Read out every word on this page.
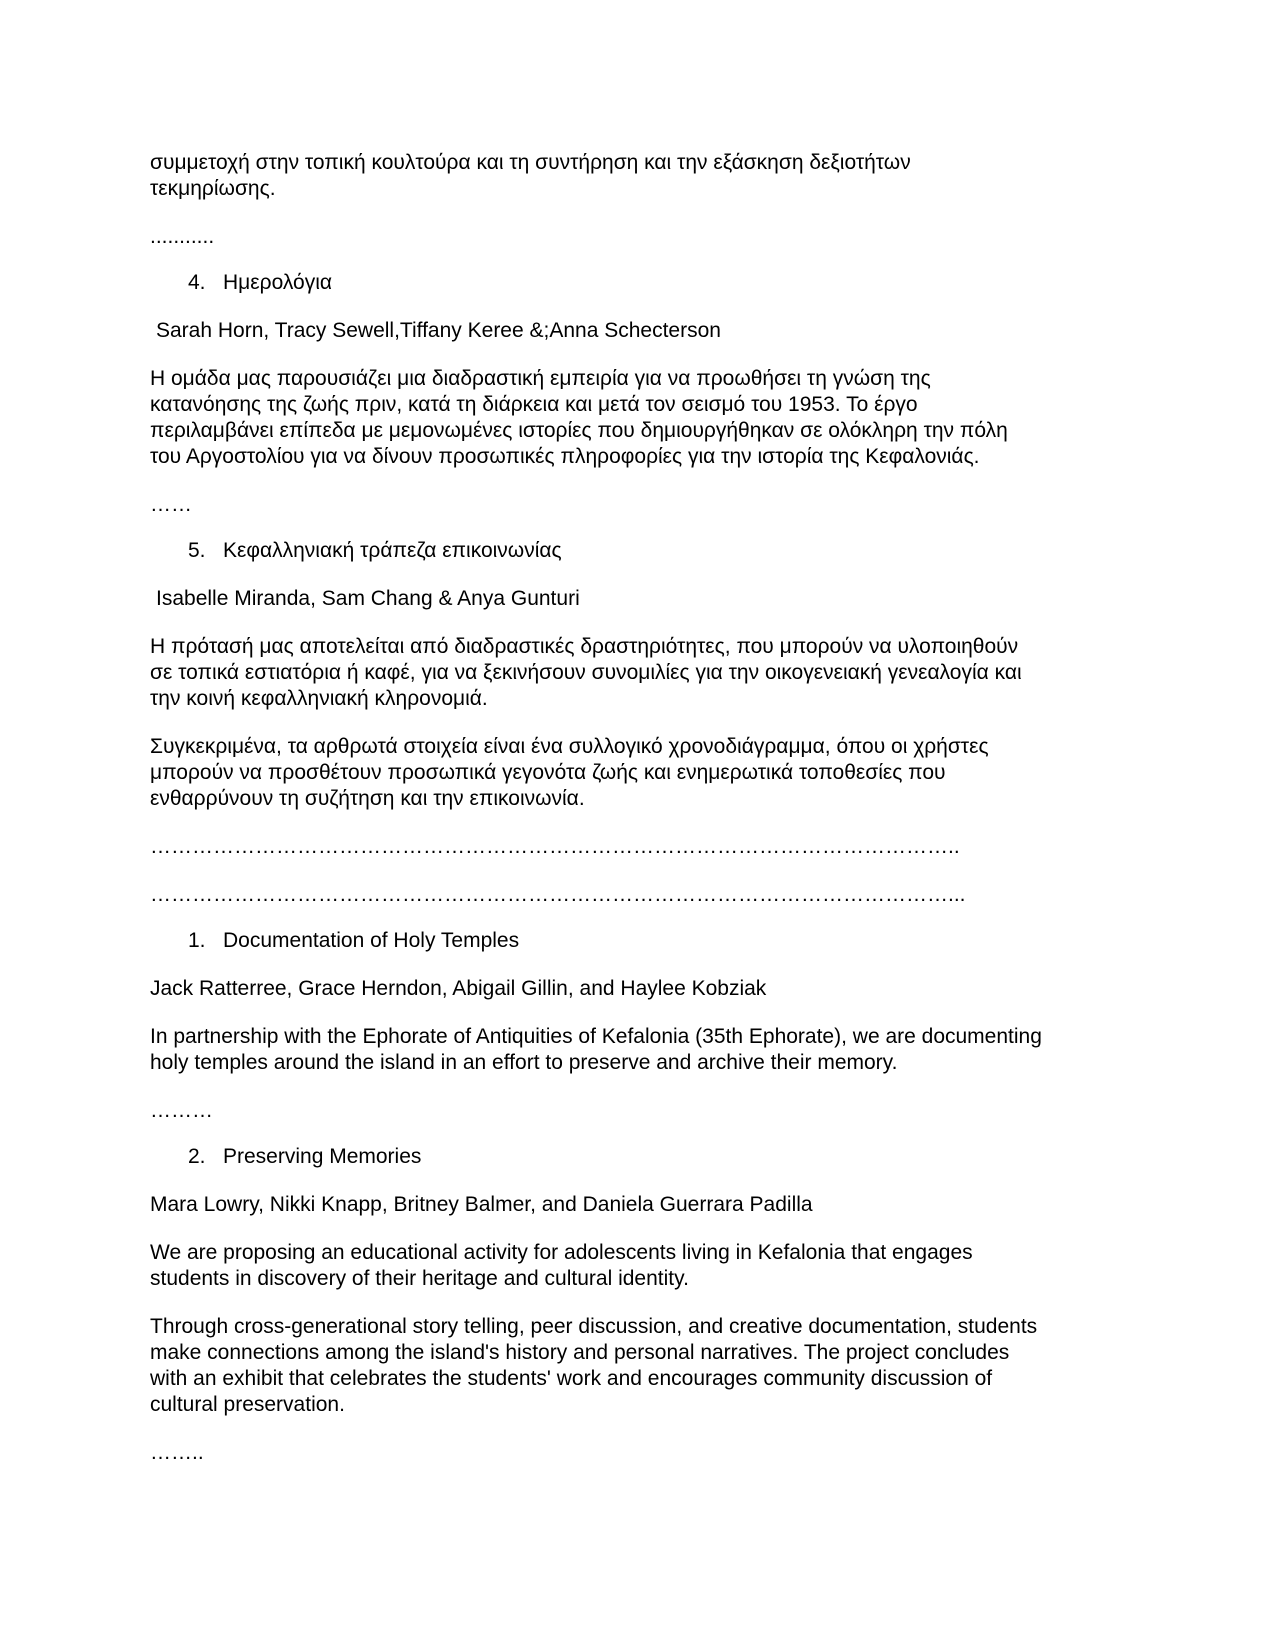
συμμετοχή στην τοπική κουλτούρα και τη συντήρηση και την εξάσκηση δεξιοτήτων
τεκμηρίωσης.

...........

4. Ημερολόγια

Sarah Horn, Tracy Sewell,Tiffany Keree &;Anna Schecterson

Η ομάδα μας παρουσιάζει μια διαδραστική εμπειρία για να προωθήσει τη γνώση της
κατανόησης της ζωής πριν, κατά τη διάρκεια και μετά τον σεισμό του 1953. Το έργο
περιλαμβάνει επίπεδα με μεμονωμένες ιστορίες που δημιουργήθηκαν σε ολόκληρη την πόλη
του Αργοστολίου για να δίνουν προσωπικές πληροφορίες για την ιστορία της Κεφαλονιάς.

……

5. Κεφαλληνιακή τράπεζα επικοινωνίας

Isabelle Miranda, Sam Chang & Anya Gunturi

Η πρότασή μας αποτελείται από διαδραστικές δραστηριότητες, που μπορούν να υλοποιηθούν
σε τοπικά εστιατόρια ή καφέ, για να ξεκινήσουν συνομιλίες για την οικογενειακή γενεαλογία και
την κοινή κεφαλληνιακή κληρονομιά.

Συγκεκριμένα, τα αρθρωτά στοιχεία είναι ένα συλλογικό χρονοδιάγραμμα, όπου οι χρήστες
μπορούν να προσθέτουν προσωπικά γεγονότα ζωής και ενημερωτικά τοποθεσίες που
ενθαρρύνουν τη συζήτηση και την επικοινωνία.

……………………………………………………………………………………………………..

……………………………………………………………………………………………………...

1. Documentation of Holy Temples

Jack Ratterree, Grace Herndon, Abigail Gillin, and Haylee Kobziak

In partnership with the Ephorate of Antiquities of Kefalonia (35th Ephorate), we are documenting
holy temples around the island in an effort to preserve and archive their memory.

………

2. Preserving Memories

Mara Lowry, Nikki Knapp, Britney Balmer, and Daniela Guerrara Padilla

We are proposing an educational activity for adolescents living in Kefalonia that engages
students in discovery of their heritage and cultural identity.

Through cross-generational story telling, peer discussion, and creative documentation, students
make connections among the island's history and personal narratives. The project concludes
with an exhibit that celebrates the students' work and encourages community discussion of
cultural preservation.

……..
